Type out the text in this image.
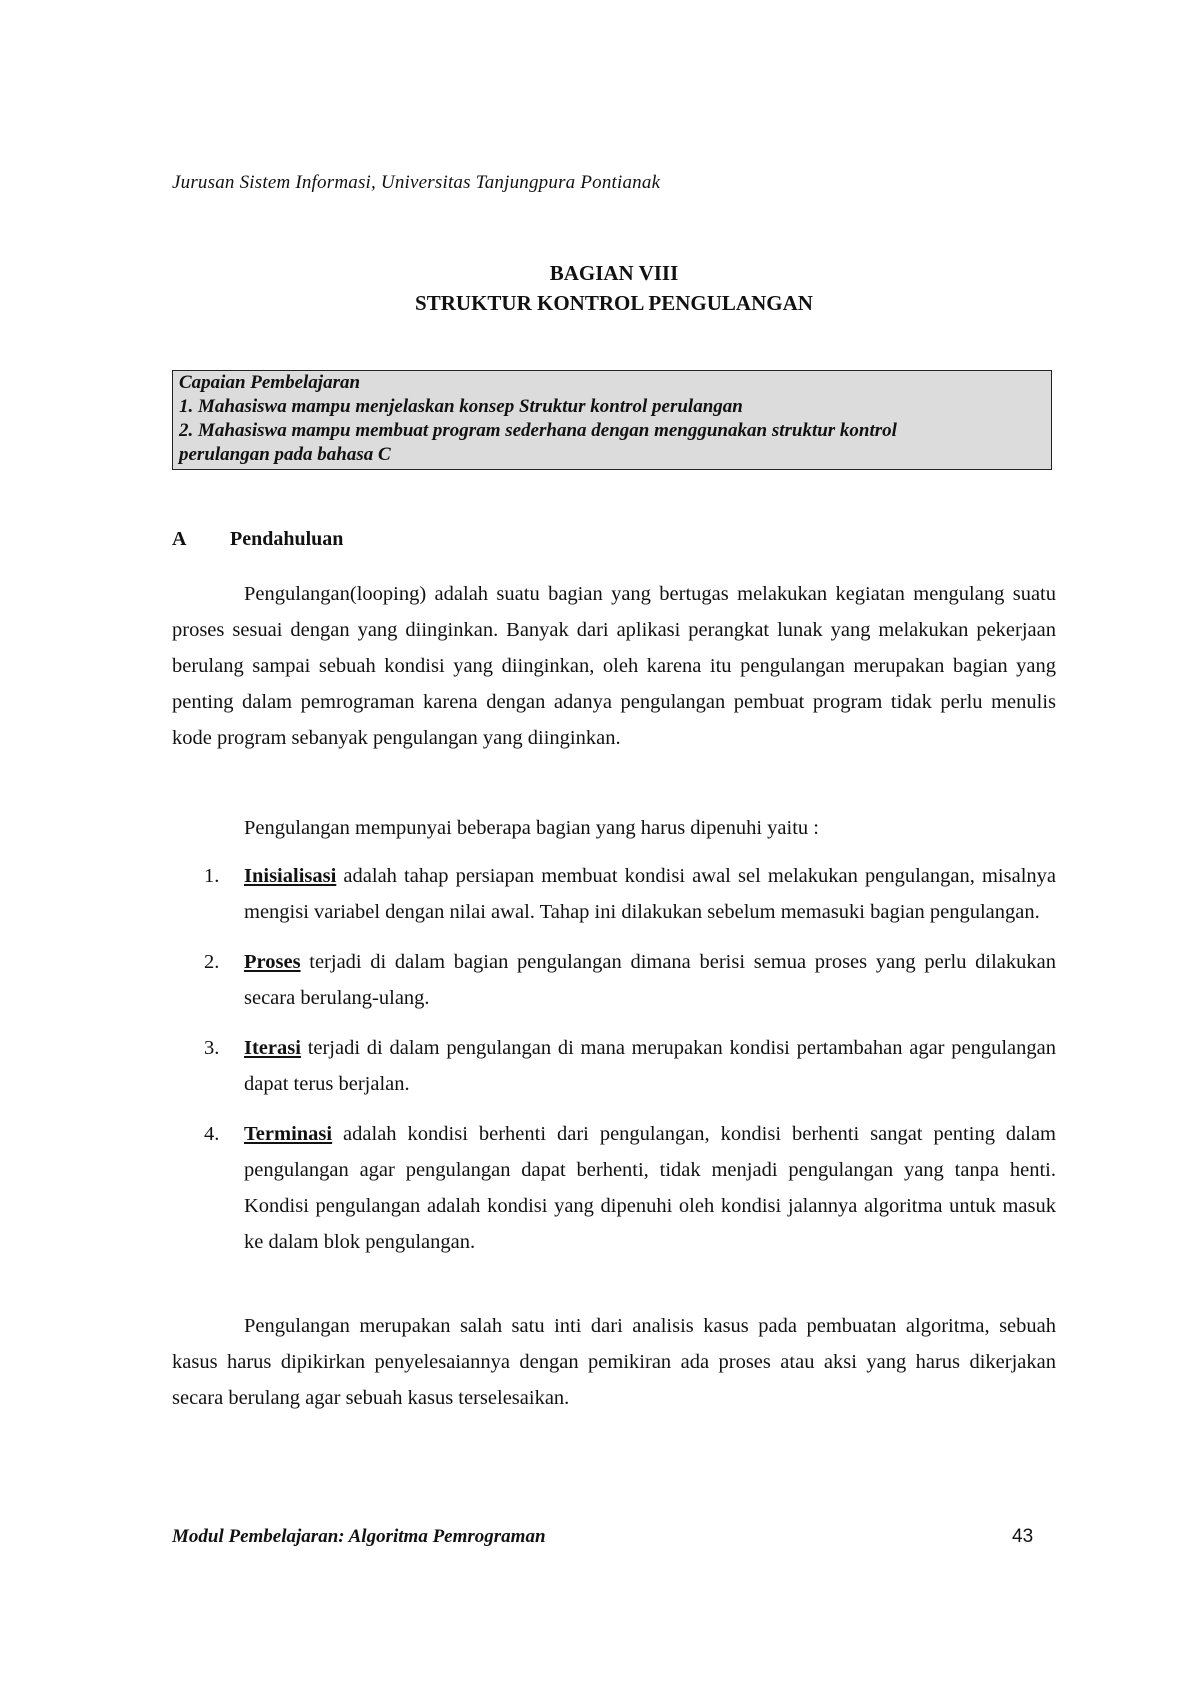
Jurusan Sistem Informasi, Universitas Tanjungpura Pontianak
BAGIAN VIII
STRUKTUR KONTROL PENGULANGAN
Capaian Pembelajaran
1. Mahasiswa mampu menjelaskan konsep Struktur kontrol perulangan
2. Mahasiswa mampu membuat program sederhana dengan menggunakan struktur kontrol
perulangan pada bahasa C
A Pendahuluan
Pengulangan(looping) adalah suatu bagian yang bertugas melakukan kegiatan mengulang suatu proses sesuai dengan yang diinginkan. Banyak dari aplikasi perangkat lunak yang melakukan pekerjaan berulang sampai sebuah kondisi yang diinginkan, oleh karena itu pengulangan merupakan bagian yang penting dalam pemrograman karena dengan adanya pengulangan pembuat program tidak perlu menulis kode program sebanyak pengulangan yang diinginkan.
Pengulangan mempunyai beberapa bagian yang harus dipenuhi yaitu :
1. Inisialisasi adalah tahap persiapan membuat kondisi awal sel melakukan pengulangan, misalnya mengisi variabel dengan nilai awal. Tahap ini dilakukan sebelum memasuki bagian pengulangan.
2. Proses terjadi di dalam bagian pengulangan dimana berisi semua proses yang perlu dilakukan secara berulang-ulang.
3. Iterasi terjadi di dalam pengulangan di mana merupakan kondisi pertambahan agar pengulangan dapat terus berjalan.
4. Terminasi adalah kondisi berhenti dari pengulangan, kondisi berhenti sangat penting dalam pengulangan agar pengulangan dapat berhenti, tidak menjadi pengulangan yang tanpa henti. Kondisi pengulangan adalah kondisi yang dipenuhi oleh kondisi jalannya algoritma untuk masuk ke dalam blok pengulangan.
Pengulangan merupakan salah satu inti dari analisis kasus pada pembuatan algoritma, sebuah kasus harus dipikirkan penyelesaiannya dengan pemikiran ada proses atau aksi yang harus dikerjakan secara berulang agar sebuah kasus terselesaikan.
Modul Pembelajaran: Algoritma Pemrograman	43
